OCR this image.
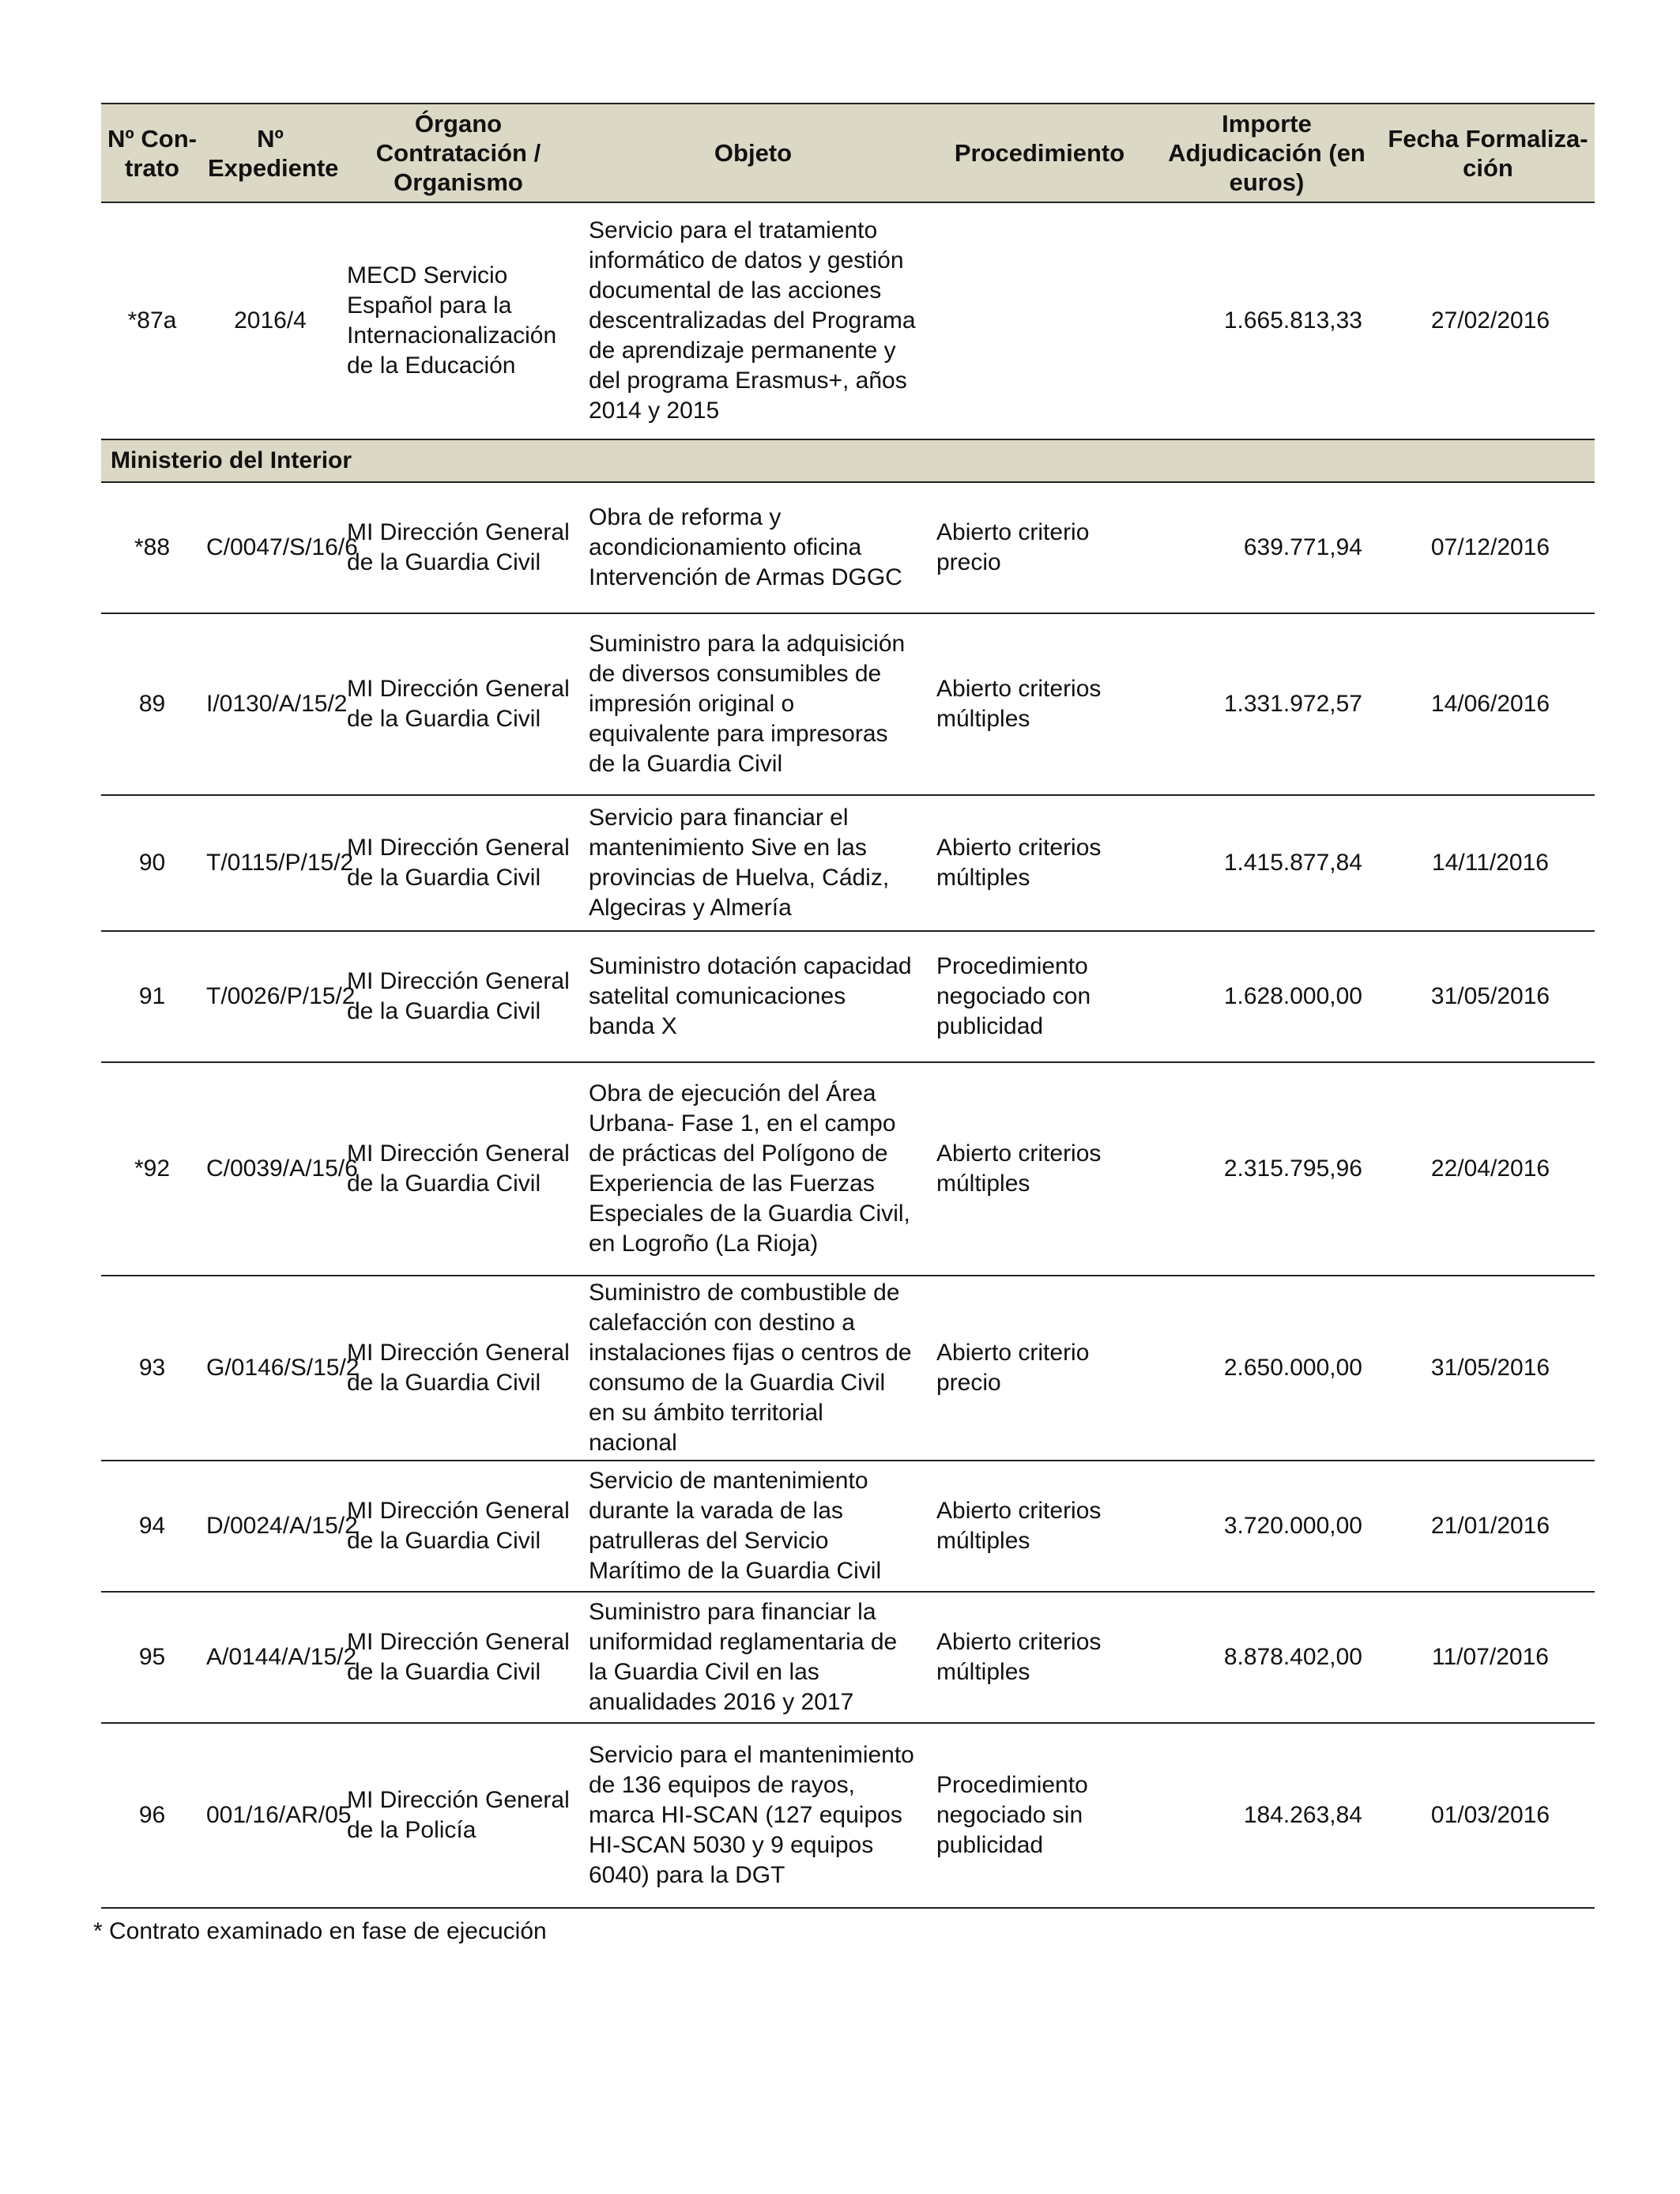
Nº Con-trato	Nº Expediente	Órgano Contratación / Organismo	Objeto	Procedimiento	Importe Adjudicación (en euros)	Fecha Formaliza-ción
*87a	2016/4	MECD Servicio Español para la Internacionalización de la Educación	Servicio para el tratamiento informático de datos y gestión documental de las acciones descentralizadas del Programa de aprendizaje permanente y del programa Erasmus+, años 2014 y 2015		1.665.813,33	27/02/2016
Ministerio del Interior						
*88	C/0047/S/16/6	MI Dirección General de la Guardia Civil	Obra de reforma y acondicionamiento oficina Intervención de Armas DGGC	Abierto criterio precio	639.771,94	07/12/2016
89	I/0130/A/15/2	MI Dirección General de la Guardia Civil	Suministro para la adquisición de diversos consumibles de impresión original o equivalente para impresoras de la Guardia Civil	Abierto criterios múltiples	1.331.972,57	14/06/2016
90	T/0115/P/15/2	MI Dirección General de la Guardia Civil	Servicio para financiar el mantenimiento Sive en las provincias de Huelva, Cádiz, Algeciras y Almería	Abierto criterios múltiples	1.415.877,84	14/11/2016
91	T/0026/P/15/2	MI Dirección General de la Guardia Civil	Suministro dotación capacidad satelital comunicaciones banda X	Procedimiento negociado con publicidad	1.628.000,00	31/05/2016
*92	C/0039/A/15/6	MI Dirección General de la Guardia Civil	Obra de ejecución del Área Urbana- Fase 1, en el campo de prácticas del Polígono de Experiencia de las Fuerzas Especiales de la Guardia Civil, en Logroño (La Rioja)	Abierto criterios múltiples	2.315.795,96	22/04/2016
93	G/0146/S/15/2	MI Dirección General de la Guardia Civil	Suministro de combustible de calefacción con destino a instalaciones fijas o centros de consumo de la Guardia Civil en su ámbito territorial nacional	Abierto criterio precio	2.650.000,00	31/05/2016
94	D/0024/A/15/2	MI Dirección General de la Guardia Civil	Servicio de mantenimiento durante la varada de las patrulleras del Servicio Marítimo de la Guardia Civil	Abierto criterios múltiples	3.720.000,00	21/01/2016
95	A/0144/A/15/2	MI Dirección General de la Guardia Civil	Suministro para financiar la uniformidad reglamentaria de la Guardia Civil en las anualidades 2016 y 2017	Abierto criterios múltiples	8.878.402,00	11/07/2016
96	001/16/AR/05	MI Dirección General de la Policía	Servicio para el mantenimiento de 136 equipos de rayos, marca HI-SCAN (127 equipos HI-SCAN 5030 y 9 equipos 6040) para la DGT	Procedimiento negociado sin publicidad	184.263,84	01/03/2016
* Contrato examinado en fase de ejecución
